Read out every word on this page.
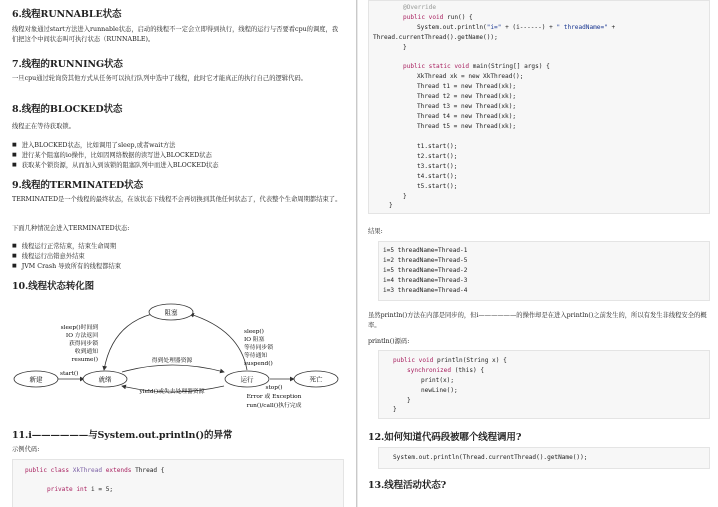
6.线程RUNNABLE状态
线程对象通过start方法进入runnable状态，启动的线程不一定会立即得到执行，线程的运行与否要看cpu的调度，我们把这个中间状态叫可执行状态（RUNNABLE)。
7.线程的RUNNING状态
一旦cpu通过轮询贷其他方式从任务可以执行队列中选中了线程，此时它才能真正的执行自己的逻辑代码。
8.线程的BLOCKED状态
线程正在等待获取锁。
■ 进入BLOCKED状态，比如调用了sleep,或者wait方法
■ 进行某个阻塞的io操作，比如因网络数据的读写进入BLOCKED状态
■ 获取某个锁资源，从而加入到该锁的阻塞队列中而进入BLOCKED状态
9.线程的TERMINATED状态
TERMINATED是一个线程的最终状态，在该状态下线程不会再切换到其他任何状态了，代表整个生命周期都结束了。
下面几种情况会进入TERMINATED状态:
■ 线程运行正常结束，结束生命周期
■ 线程运行出错意外结束
■ JVM Crash 导致所有的线程都结束
10.线程状态转化图
阻塞
新建	就绪	运行	死亡
sleep()时间到
IO 方法返回
获得同步锁
收到通知
resume()
sleep()
IO 阻塞
等待同步锁
等待通知
suspend()
start()
得到处理器资源
yield()或失去处理器资源
stop()
Error 或 Exception
run()/call()执行完成
11.i——————与System.out.println()的异常
示例代码:
public class XkThread extends Thread {
private int i = 5;
@Override
public void run() {
System.out.println("i=" + (i------) + " threadName=" +
Thread.currentThread().getName());
}
public static void main(String[] args) {
XkThread xk = new XkThread();
Thread t1 = new Thread(xk);
Thread t2 = new Thread(xk);
Thread t3 = new Thread(xk);
Thread t4 = new Thread(xk);
Thread t5 = new Thread(xk);
t1.start();
t2.start();
t3.start();
t4.start();
t5.start();
}
}
结果:
i=5 threadName=Thread-1
i=2 threadName=Thread-5
i=5 threadName=Thread-2
i=4 threadName=Thread-3
i=3 threadName=Thread-4
虽然println()方法在内部是同步的，但i——————的操作却是在进入println()之前发生的，所以有发生非线程安全的概率。
println()源码:
public void println(String x) {
synchronized (this) {
print(x);
newLine();
}
}
12.如何知道代码段被哪个线程调用?
System.out.println(Thread.currentThread().getName());
13.线程活动状态?
